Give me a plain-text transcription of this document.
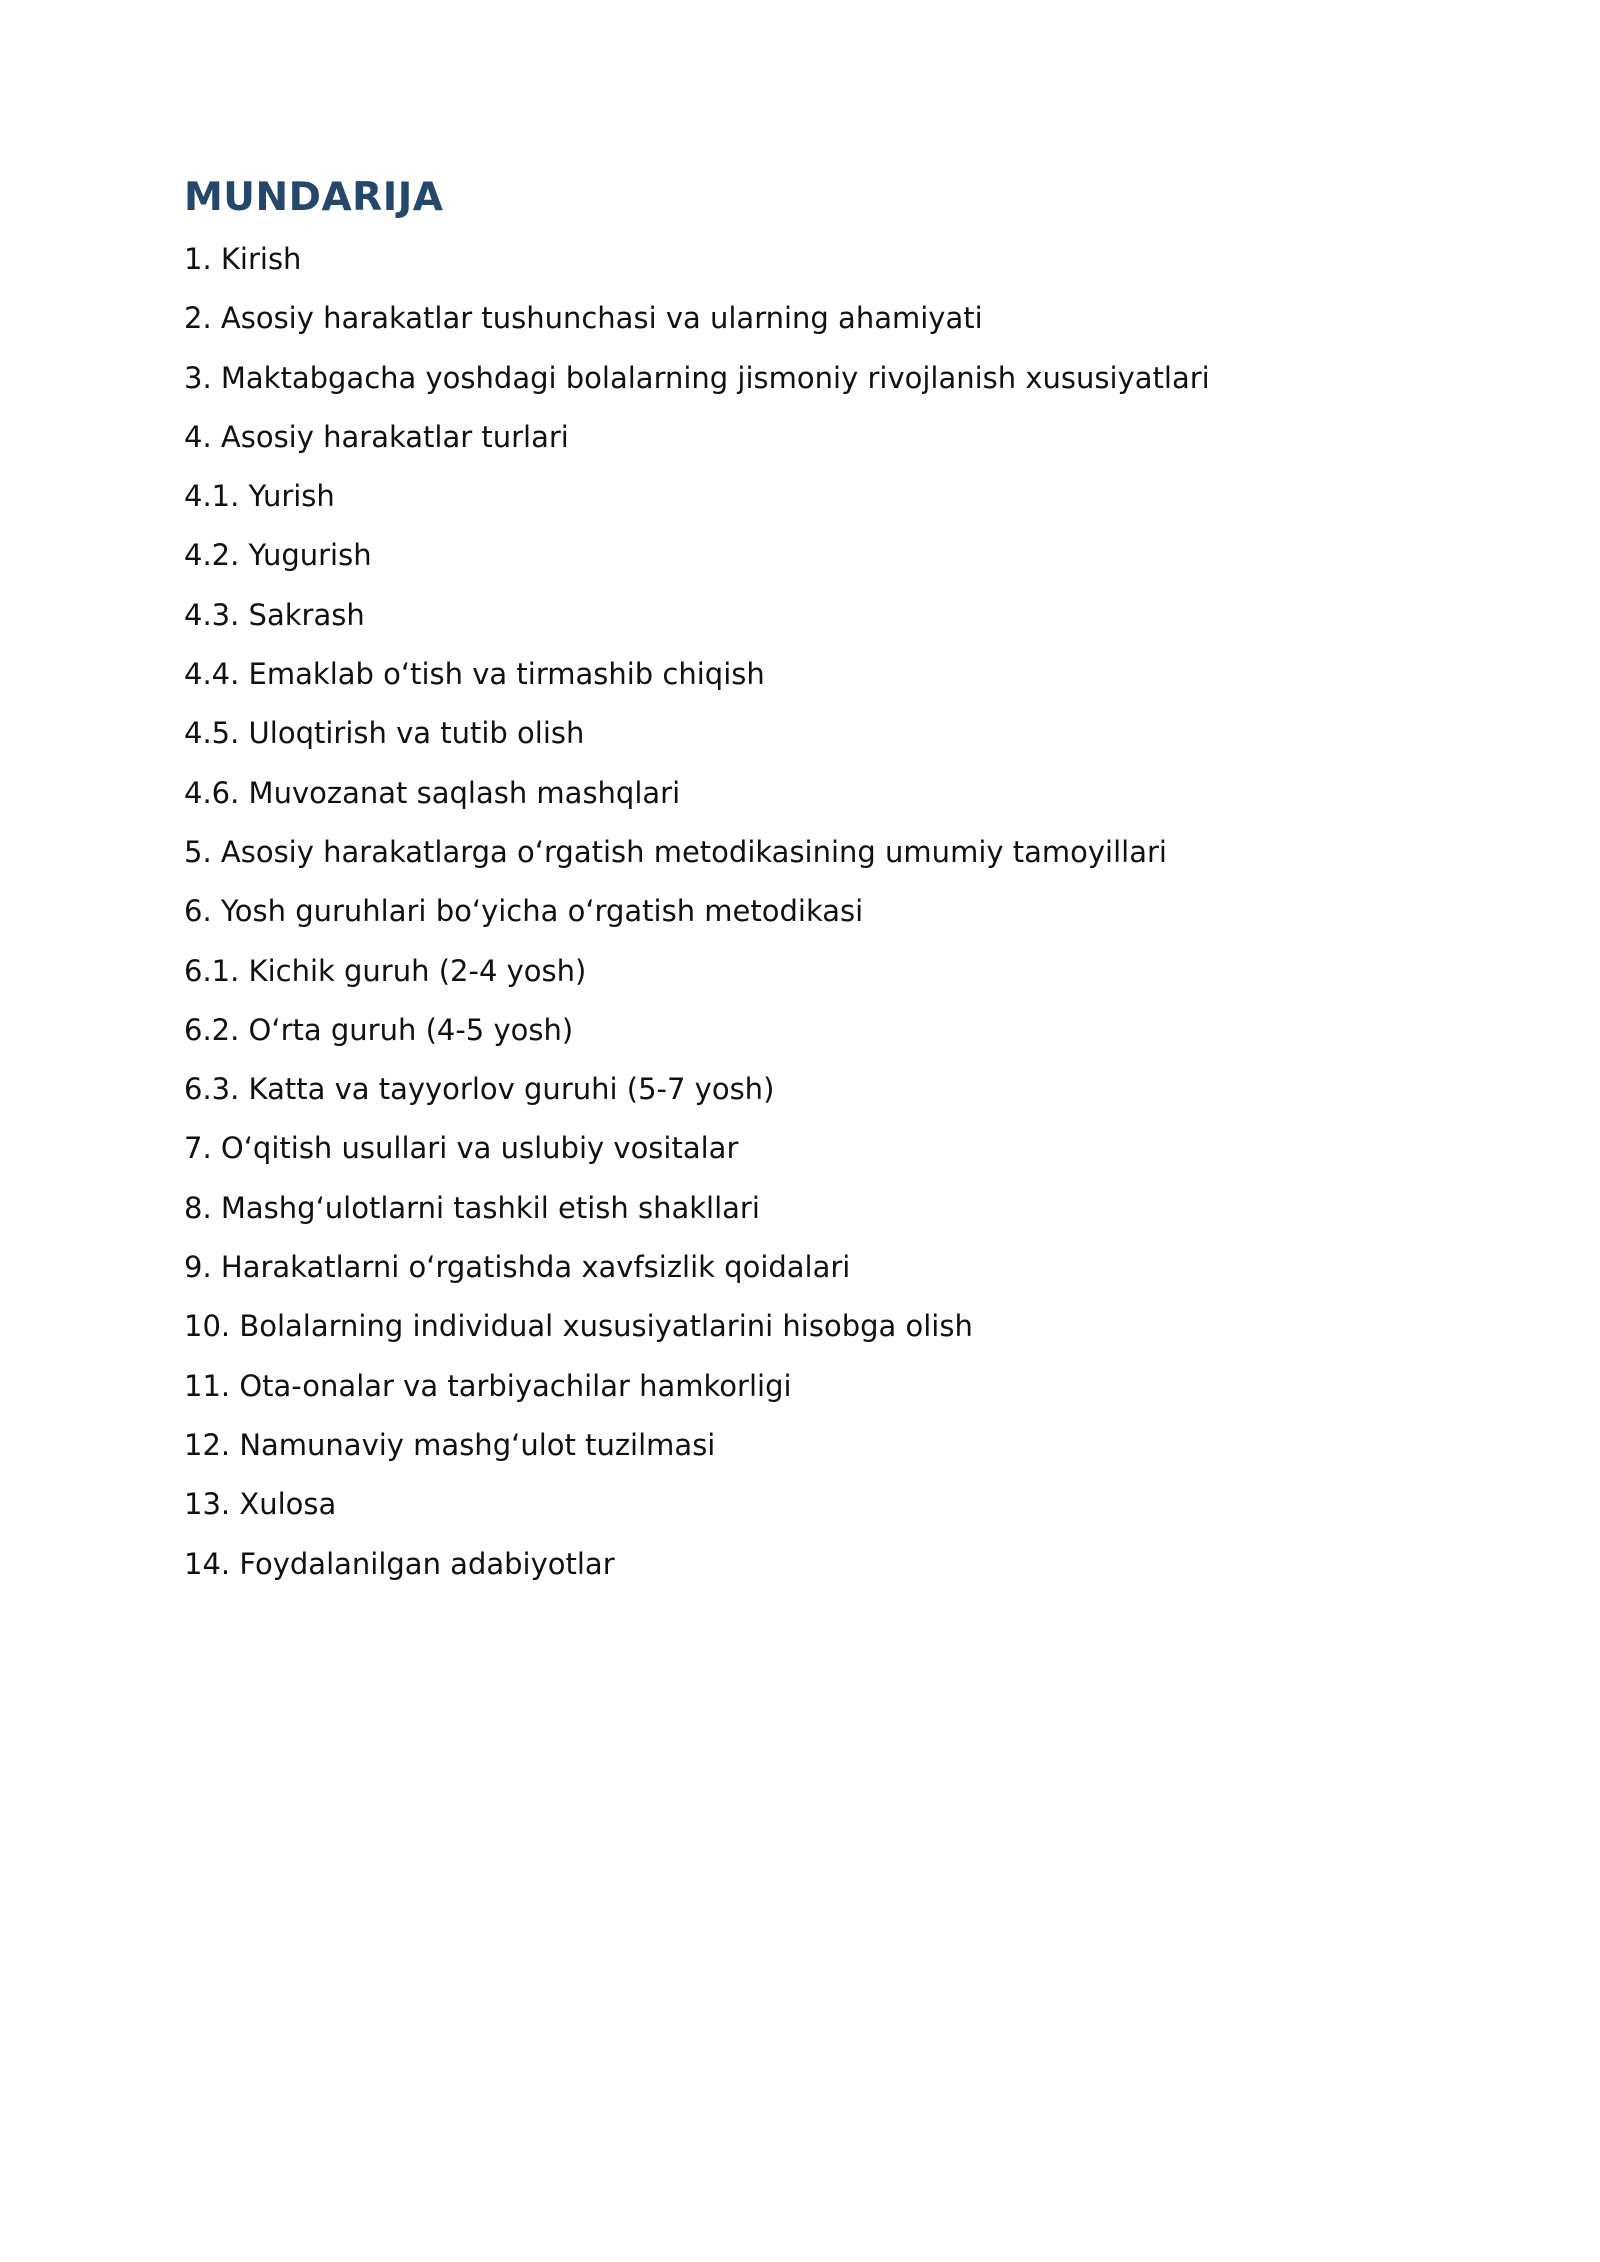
MUNDARIJA
1. Kirish
2. Asosiy harakatlar tushunchasi va ularning ahamiyati
3. Maktabgacha yoshdagi bolalarning jismoniy rivojlanish xususiyatlari
4. Asosiy harakatlar turlari
4.1. Yurish
4.2. Yugurish
4.3. Sakrash
4.4. Emaklab o‘tish va tirmashib chiqish
4.5. Uloqtirish va tutib olish
4.6. Muvozanat saqlash mashqlari
5. Asosiy harakatlarga o‘rgatish metodikasining umumiy tamoyillari
6. Yosh guruhlari bo‘yicha o‘rgatish metodikasi
6.1. Kichik guruh (2-4 yosh)
6.2. O‘rta guruh (4-5 yosh)
6.3. Katta va tayyorlov guruhi (5-7 yosh)
7. O‘qitish usullari va uslubiy vositalar
8. Mashg‘ulotlarni tashkil etish shakllari
9. Harakatlarni o‘rgatishda xavfsizlik qoidalari
10. Bolalarning individual xususiyatlarini hisobga olish
11. Ota-onalar va tarbiyachilar hamkorligi
12. Namunaviy mashg‘ulot tuzilmasi
13. Xulosa
14. Foydalanilgan adabiyotlar
